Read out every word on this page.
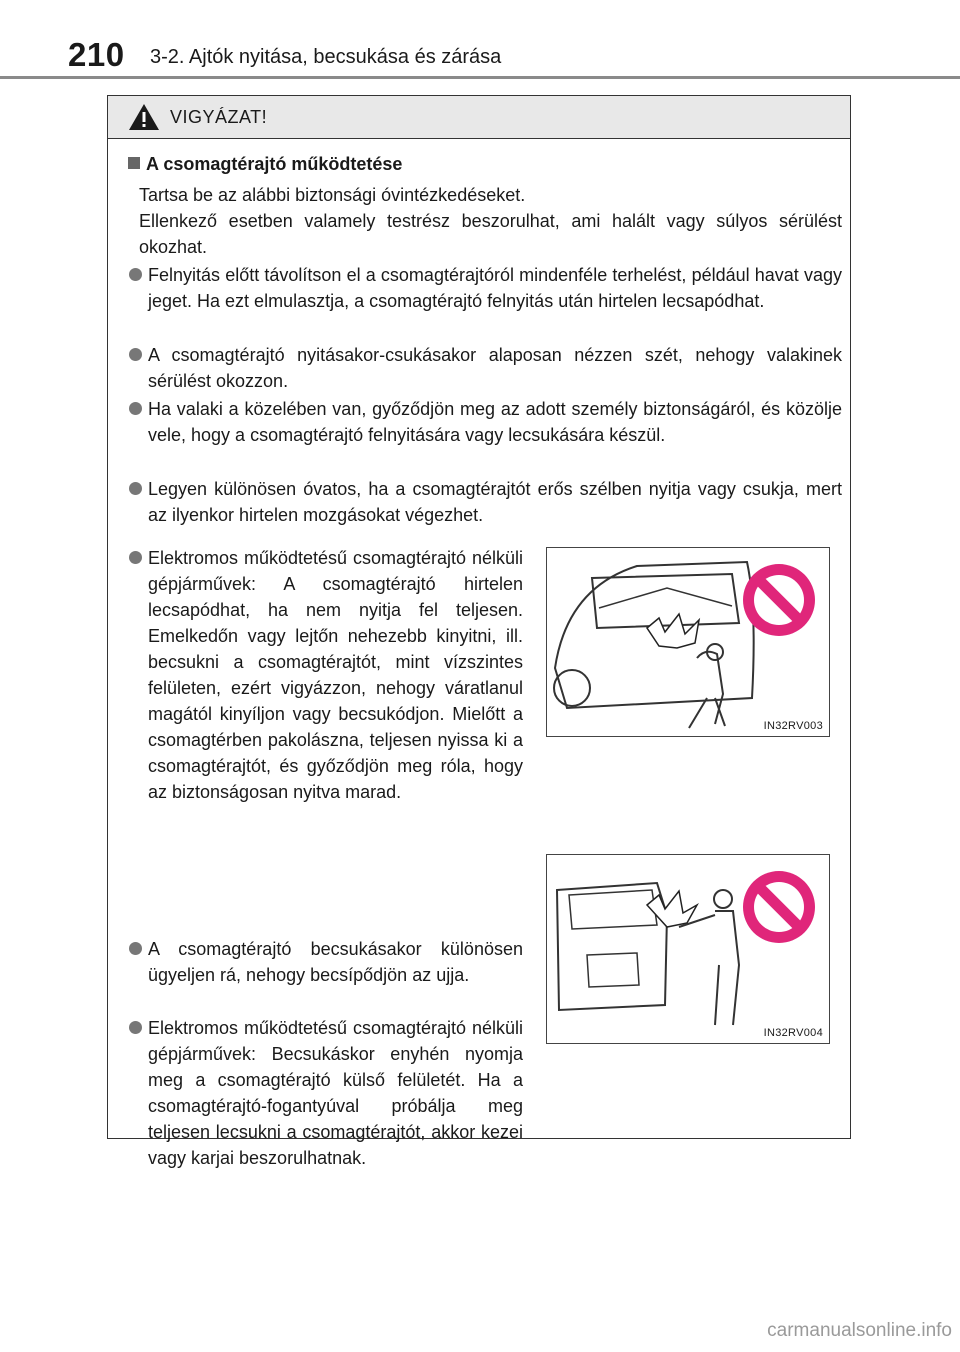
210 3-2. Ajtók nyitása, becsukása és zárása
VIGYÁZAT!
A csomagtérajtó működtetése

Tartsa be az alábbi biztonsági óvintézkedéseket.

Ellenkező esetben valamely testrész beszorulhat, ami halált vagy súlyos sérülést okozhat.

Felnyitás előtt távolítson el a csomagtérajtóról mindenféle terhelést, például havat vagy jeget. Ha ezt elmulasztja, a csomagtérajtó felnyitás után hirtelen lecsapódhat.
A csomagtérajtó nyitásakor-csukásakor alaposan nézzen szét, nehogy valakinek sérülést okozzon.
Ha valaki a közelében van, győződjön meg az adott személy biztonságáról, és közölje vele, hogy a csomagtérajtó felnyitására vagy lecsukására készül.
Legyen különösen óvatos, ha a csomagtérajtót erős szélben nyitja vagy csukja, mert az ilyenkor hirtelen mozgásokat végezhet.
Elektromos működtetésű csomagtérajtó nélküli gépjárművek: A csomagtérajtó hirtelen lecsapódhat, ha nem nyitja fel teljesen. Emelkedőn vagy lejtőn nehezebb kinyitni, ill. becsukni a csomagtérajtót, mint vízszintes felületen, ezért vigyázzon, nehogy váratlanul magától kinyíljon vagy becsukódjon. Mielőtt a csomagtérben pakolászna, teljesen nyissa ki a csomagtérajtót, és győződjön meg róla, hogy az biztonságosan nyitva marad.
IN32RV003
A csomagtérajtó becsukásakor különösen ügyeljen rá, nehogy becsípődjön az ujja.
Elektromos működtetésű csomagtérajtó nélküli gépjárművek: Becsukáskor enyhén nyomja meg a csomagtérajtó külső felületét. Ha a csomagtérajtó-fogantyúval próbálja meg teljesen lecsukni a csomagtérajtót, akkor kezei vagy karjai beszorulhatnak.
IN32RV004
carmanualsonline.info
